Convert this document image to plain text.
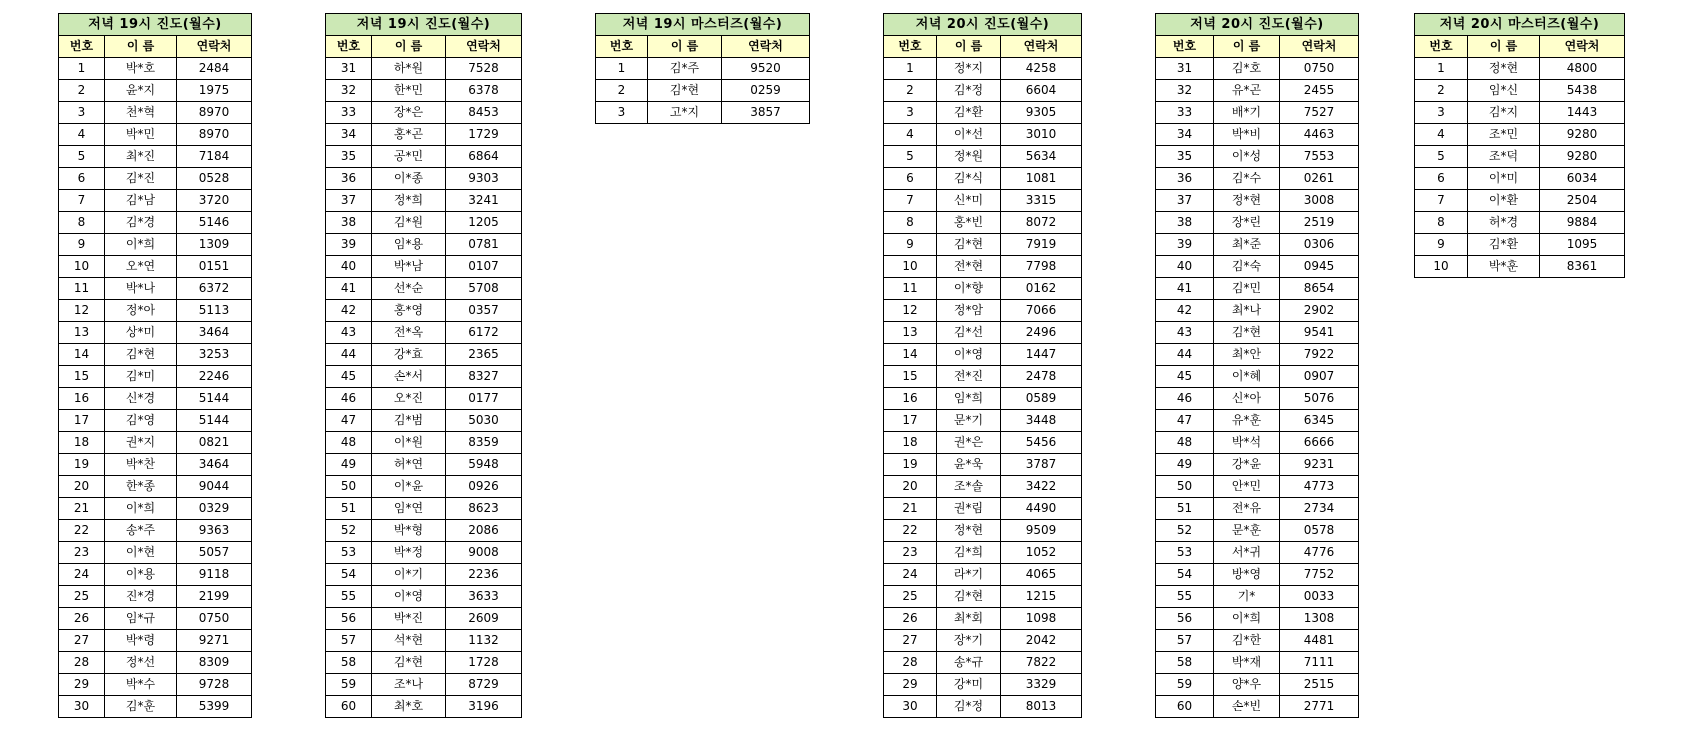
저녁 19시 진도(월수)		
번호	이 름	연락처
1	박*호	2484
2	윤*지	1975
3	천*혁	8970
4	박*민	8970
5	최*진	7184
6	김*진	0528
7	김*남	3720
8	김*경	5146
9	이*희	1309
10	오*연	0151
11	박*나	6372
12	정*아	5113
13	상*미	3464
14	김*현	3253
15	김*미	2246
16	신*경	5144
17	김*영	5144
18	권*지	0821
19	박*찬	3464
20	한*종	9044
21	이*희	0329
22	송*주	9363
23	이*현	5057
24	이*용	9118
25	진*경	2199
26	임*규	0750
27	박*령	9271
28	정*선	8309
29	박*수	9728
30	김*훈	5399
저녁 19시 진도(월수)		
번호	이 름	연락처
31	하*원	7528
32	한*민	6378
33	장*은	8453
34	홍*곤	1729
35	공*민	6864
36	이*종	9303
37	정*희	3241
38	김*원	1205
39	임*용	0781
40	박*남	0107
41	선*순	5708
42	홍*영	0357
43	전*옥	6172
44	강*효	2365
45	손*서	8327
46	오*진	0177
47	김*범	5030
48	이*원	8359
49	허*연	5948
50	이*윤	0926
51	임*연	8623
52	박*형	2086
53	박*정	9008
54	이*기	2236
55	이*영	3633
56	박*진	2609
57	석*현	1132
58	김*현	1728
59	조*나	8729
60	최*호	3196
저녁 19시 마스터즈(월수)		
번호	이 름	연락처
1	김*주	9520
2	김*현	0259
3	고*지	3857
저녁 20시 진도(월수)		
번호	이 름	연락처
1	정*지	4258
2	김*정	6604
3	김*환	9305
4	이*선	3010
5	정*원	5634
6	김*식	1081
7	신*미	3315
8	홍*빈	8072
9	김*현	7919
10	전*현	7798
11	이*향	0162
12	정*암	7066
13	김*선	2496
14	이*영	1447
15	전*진	2478
16	임*희	0589
17	문*기	3448
18	권*은	5456
19	윤*욱	3787
20	조*솔	3422
21	권*림	4490
22	정*현	9509
23	김*희	1052
24	라*기	4065
25	김*현	1215
26	최*회	1098
27	장*기	2042
28	송*규	7822
29	강*미	3329
30	김*정	8013
저녁 20시 진도(월수)		
번호	이 름	연락처
31	김*호	0750
32	유*곤	2455
33	배*기	7527
34	박*비	4463
35	이*성	7553
36	김*수	0261
37	정*현	3008
38	장*린	2519
39	최*준	0306
40	김*숙	0945
41	김*민	8654
42	최*나	2902
43	김*현	9541
44	최*안	7922
45	이*혜	0907
46	신*아	5076
47	유*훈	6345
48	박*석	6666
49	강*윤	9231
50	안*민	4773
51	전*유	2734
52	문*훈	0578
53	서*귀	4776
54	방*영	7752
55	기*	0033
56	이*희	1308
57	김*한	4481
58	박*재	7111
59	양*우	2515
60	손*빈	2771
저녁 20시 마스터즈(월수)		
번호	이 름	연락처
1	정*현	4800
2	임*신	5438
3	김*지	1443
4	조*민	9280
5	조*덕	9280
6	이*미	6034
7	이*환	2504
8	허*경	9884
9	김*환	1095
10	박*훈	8361
